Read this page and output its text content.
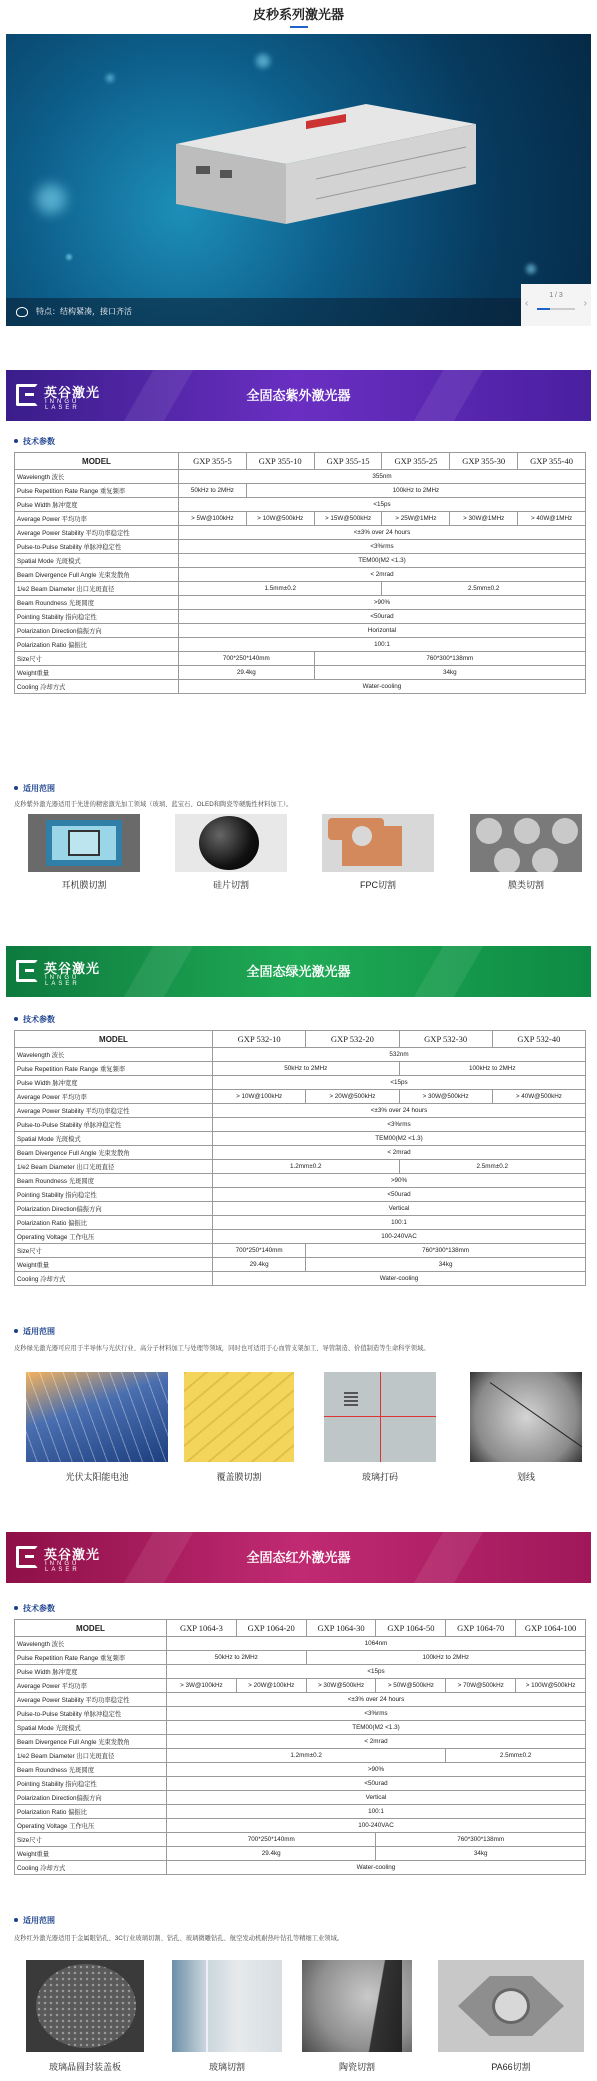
皮秒系列激光器
特点：结构紧凑，接口齐活
‹
1 / 3
›
英谷激光
INNGU LASER
全固态紫外激光器
技术参数
MODEL	GXP 355-5	GXP 355-10	GXP 355-15	GXP 355-25	GXP 355-30	GXP 355-40
Wavelength 波长	355nm					
Pulse Repetition Rate Range 重复频率	50kHz to 2MHz	100kHz to 2MHz				
Pulse Width 脉冲宽度	<15ps					
Average Power 平均功率	> 5W@100kHz	> 10W@500kHz	> 15W@500kHz	> 25W@1MHz	> 30W@1MHz	> 40W@1MHz
Average Power Stability 平均功率稳定性	<±3% over 24 hours					
Pulse-to-Pulse Stability 单脉冲稳定性	<3%rms					
Spatial Mode 光斑模式	TEM00(M2 <1.3)					
Beam Divergence Full Angle 光束发散角	< 2mrad					
1/e2 Beam Diameter 出口光斑直径	1.5mm±0.2			2.5mm±0.2		
Beam Roundness 光斑圆度	>90%					
Pointing Stability 指向稳定性	<50urad					
Polarization Direction偏振方向	Horizontal					
Polarization Ratio 偏振比	100:1					
Size尺寸	700*250*140mm		760*300*138mm			
Weight重量	29.4kg		34kg			
Cooling 冷却方式	Water-cooling					
适用范围
皮秒紫外激光器适用于先进的精密激光加工领域（玻璃、蓝宝石、OLED和陶瓷等硬脆性材料加工）。
耳机膜切割	硅片切割	FPC切割	膜类切割
英谷激光
INNGU LASER
全固态绿光激光器
技术参数
MODEL	GXP 532-10	GXP 532-20	GXP 532-30	GXP 532-40
Wavelength 波长	532nm			
Pulse Repetition Rate Range 重复频率	50kHz to 2MHz		100kHz to 2MHz	
Pulse Width 脉冲宽度	<15ps			
Average Power 平均功率	> 10W@100kHz	> 20W@500kHz	> 30W@500kHz	> 40W@500kHz
Average Power Stability 平均功率稳定性	<±3% over 24 hours			
Pulse-to-Pulse Stability 单脉冲稳定性	<3%rms			
Spatial Mode 光斑模式	TEM00(M2 <1.3)			
Beam Divergence Full Angle 光束发散角	< 2mrad			
1/e2 Beam Diameter 出口光斑直径	1.2mm±0.2		2.5mm±0.2	
Beam Roundness 光斑圆度	>90%			
Pointing Stability 指向稳定性	<50urad			
Polarization Direction偏振方向	Vertical			
Polarization Ratio 偏振比	100:1			
Operating Voltage 工作电压	100-240VAC			
Size尺寸	700*250*140mm	760*300*138mm		
Weight重量	29.4kg	34kg		
Cooling 冷却方式	Water-cooling			
适用范围
皮秒绿光激光器可应用于半导体与光伏行业、高分子材料加工与处理等领域，同时也可适用于心血管支架加工、导管制造、价值制造等生命科学领域。
光伏太阳能电池	覆盖膜切割	玻璃打码	划线
英谷激光
INNGU LASER
全固态红外激光器
技术参数
MODEL	GXP 1064-3	GXP 1064-20	GXP 1064-30	GXP 1064-50	GXP 1064-70	GXP 1064-100
Wavelength 波长	1064nm					
Pulse Repetition Rate Range 重复频率	50kHz to 2MHz		100kHz to 2MHz			
Pulse Width 脉冲宽度	<15ps					
Average Power 平均功率	> 3W@100kHz	> 20W@100kHz	> 30W@500kHz	> 50W@500kHz	> 70W@500kHz	> 100W@500kHz
Average Power Stability 平均功率稳定性	<±3% over 24 hours					
Pulse-to-Pulse Stability 单脉冲稳定性	<3%rms					
Spatial Mode 光斑模式	TEM00(M2 <1.3)					
Beam Divergence Full Angle 光束发散角	< 2mrad					
1/e2 Beam Diameter 出口光斑直径	1.2mm±0.2				2.5mm±0.2	
Beam Roundness 光斑圆度	>90%					
Pointing Stability 指向稳定性	<50urad					
Polarization Direction偏振方向	Vertical					
Polarization Ratio 偏振比	100:1					
Operating Voltage 工作电压	100-240VAC					
Size尺寸	700*250*140mm			760*300*138mm		
Weight重量	29.4kg			34kg		
Cooling 冷却方式	Water-cooling					
适用范围
皮秒红外激光器适用于金属眼钻孔、3C行业玻璃切割、钻孔、玻璃微雕钻孔、航空发动机耐热叶钻孔等精细工业领域。
玻璃晶圆封装盖板	玻璃切割	陶瓷切割	PA66切割
